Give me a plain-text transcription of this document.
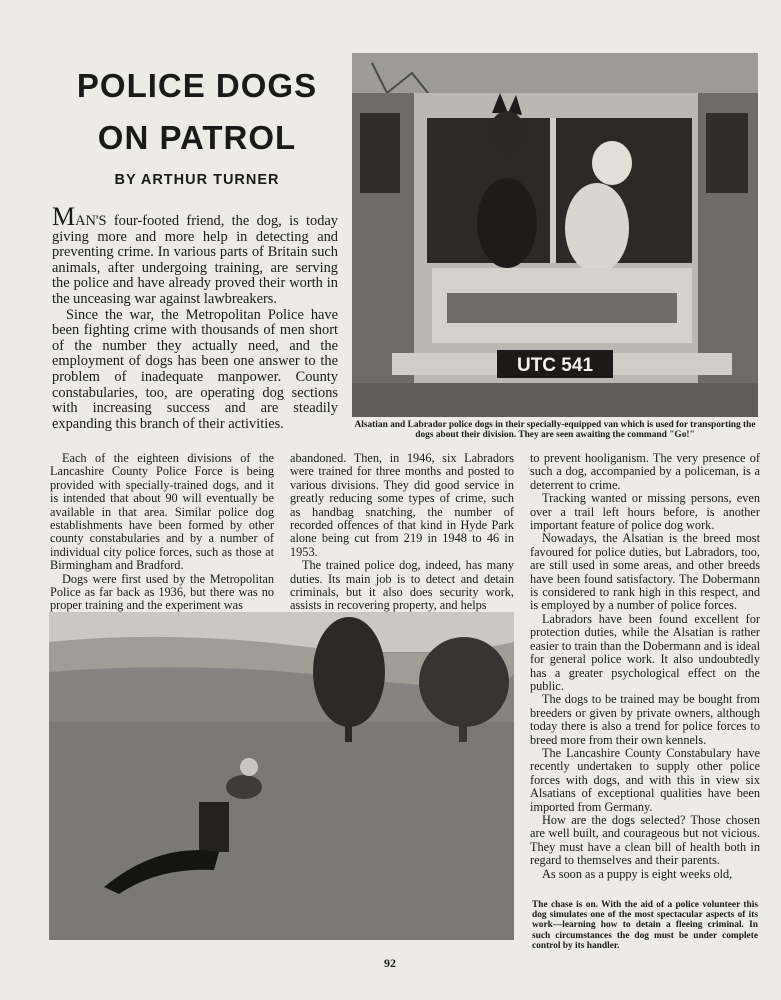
POLICE DOGS
ON PATROL

BY ARTHUR TURNER

MAN'S four-footed friend, the dog, is today giving more and more help in detecting and preventing crime. In various parts of Britain such animals, after undergoing training, are serving the police and have already proved their worth in the unceasing war against lawbreakers.

Since the war, the Metropolitan Police have been fighting crime with thousands of men short of the number they actually need, and the employment of dogs has been one answer to the problem of inadequate manpower. County constabularies, too, are operating dog sections with increasing success and are steadily expanding this branch of their activities.

UTC 541

Alsatian and Labrador police dogs in their specially-equipped van which is used for transporting the dogs about their division. They are seen awaiting the command "Go!"

Each of the eighteen divisions of the Lancashire County Police Force is being provided with specially-trained dogs, and it is intended that about 90 will eventually be available in that area. Similar police dog establishments have been formed by other county constabularies and by a number of individual city police forces, such as those at Birmingham and Bradford.

Dogs were first used by the Metropolitan Police as far back as 1936, but there was no proper training and the experiment was

abandoned. Then, in 1946, six Labradors were trained for three months and posted to various divisions. They did good service in greatly reducing some types of crime, such as handbag snatching, the number of recorded offences of that kind in Hyde Park alone being cut from 219 in 1948 to 46 in 1953.

The trained police dog, indeed, has many duties. Its main job is to detect and detain criminals, but it also does security work, assists in recovering property, and helps

to prevent hooliganism. The very presence of such a dog, accompanied by a policeman, is a deterrent to crime.

Tracking wanted or missing persons, even over a trail left hours before, is another important feature of police dog work.

Nowadays, the Alsatian is the breed most favoured for police duties, but Labradors, too, are still used in some areas, and other breeds have been found satisfactory. The Dobermann is considered to rank high in this respect, and is employed by a number of police forces.

Labradors have been found excellent for protection duties, while the Alsatian is rather easier to train than the Dobermann and is ideal for general police work. It also undoubtedly has a greater psychological effect on the public.

The dogs to be trained may be bought from breeders or given by private owners, although today there is also a trend for police forces to breed more from their own kennels.

The Lancashire County Constabulary have recently undertaken to supply other police forces with dogs, and with this in view six Alsatians of exceptional qualities have been imported from Germany.

How are the dogs selected? Those chosen are well built, and courageous but not vicious. They must have a clean bill of health both in regard to themselves and their parents.

As soon as a puppy is eight weeks old,

The chase is on. With the aid of a police volunteer this dog simulates one of the most spectacular aspects of its work—learning how to detain a fleeing criminal. In such circumstances the dog must be under complete control by its handler.

92
